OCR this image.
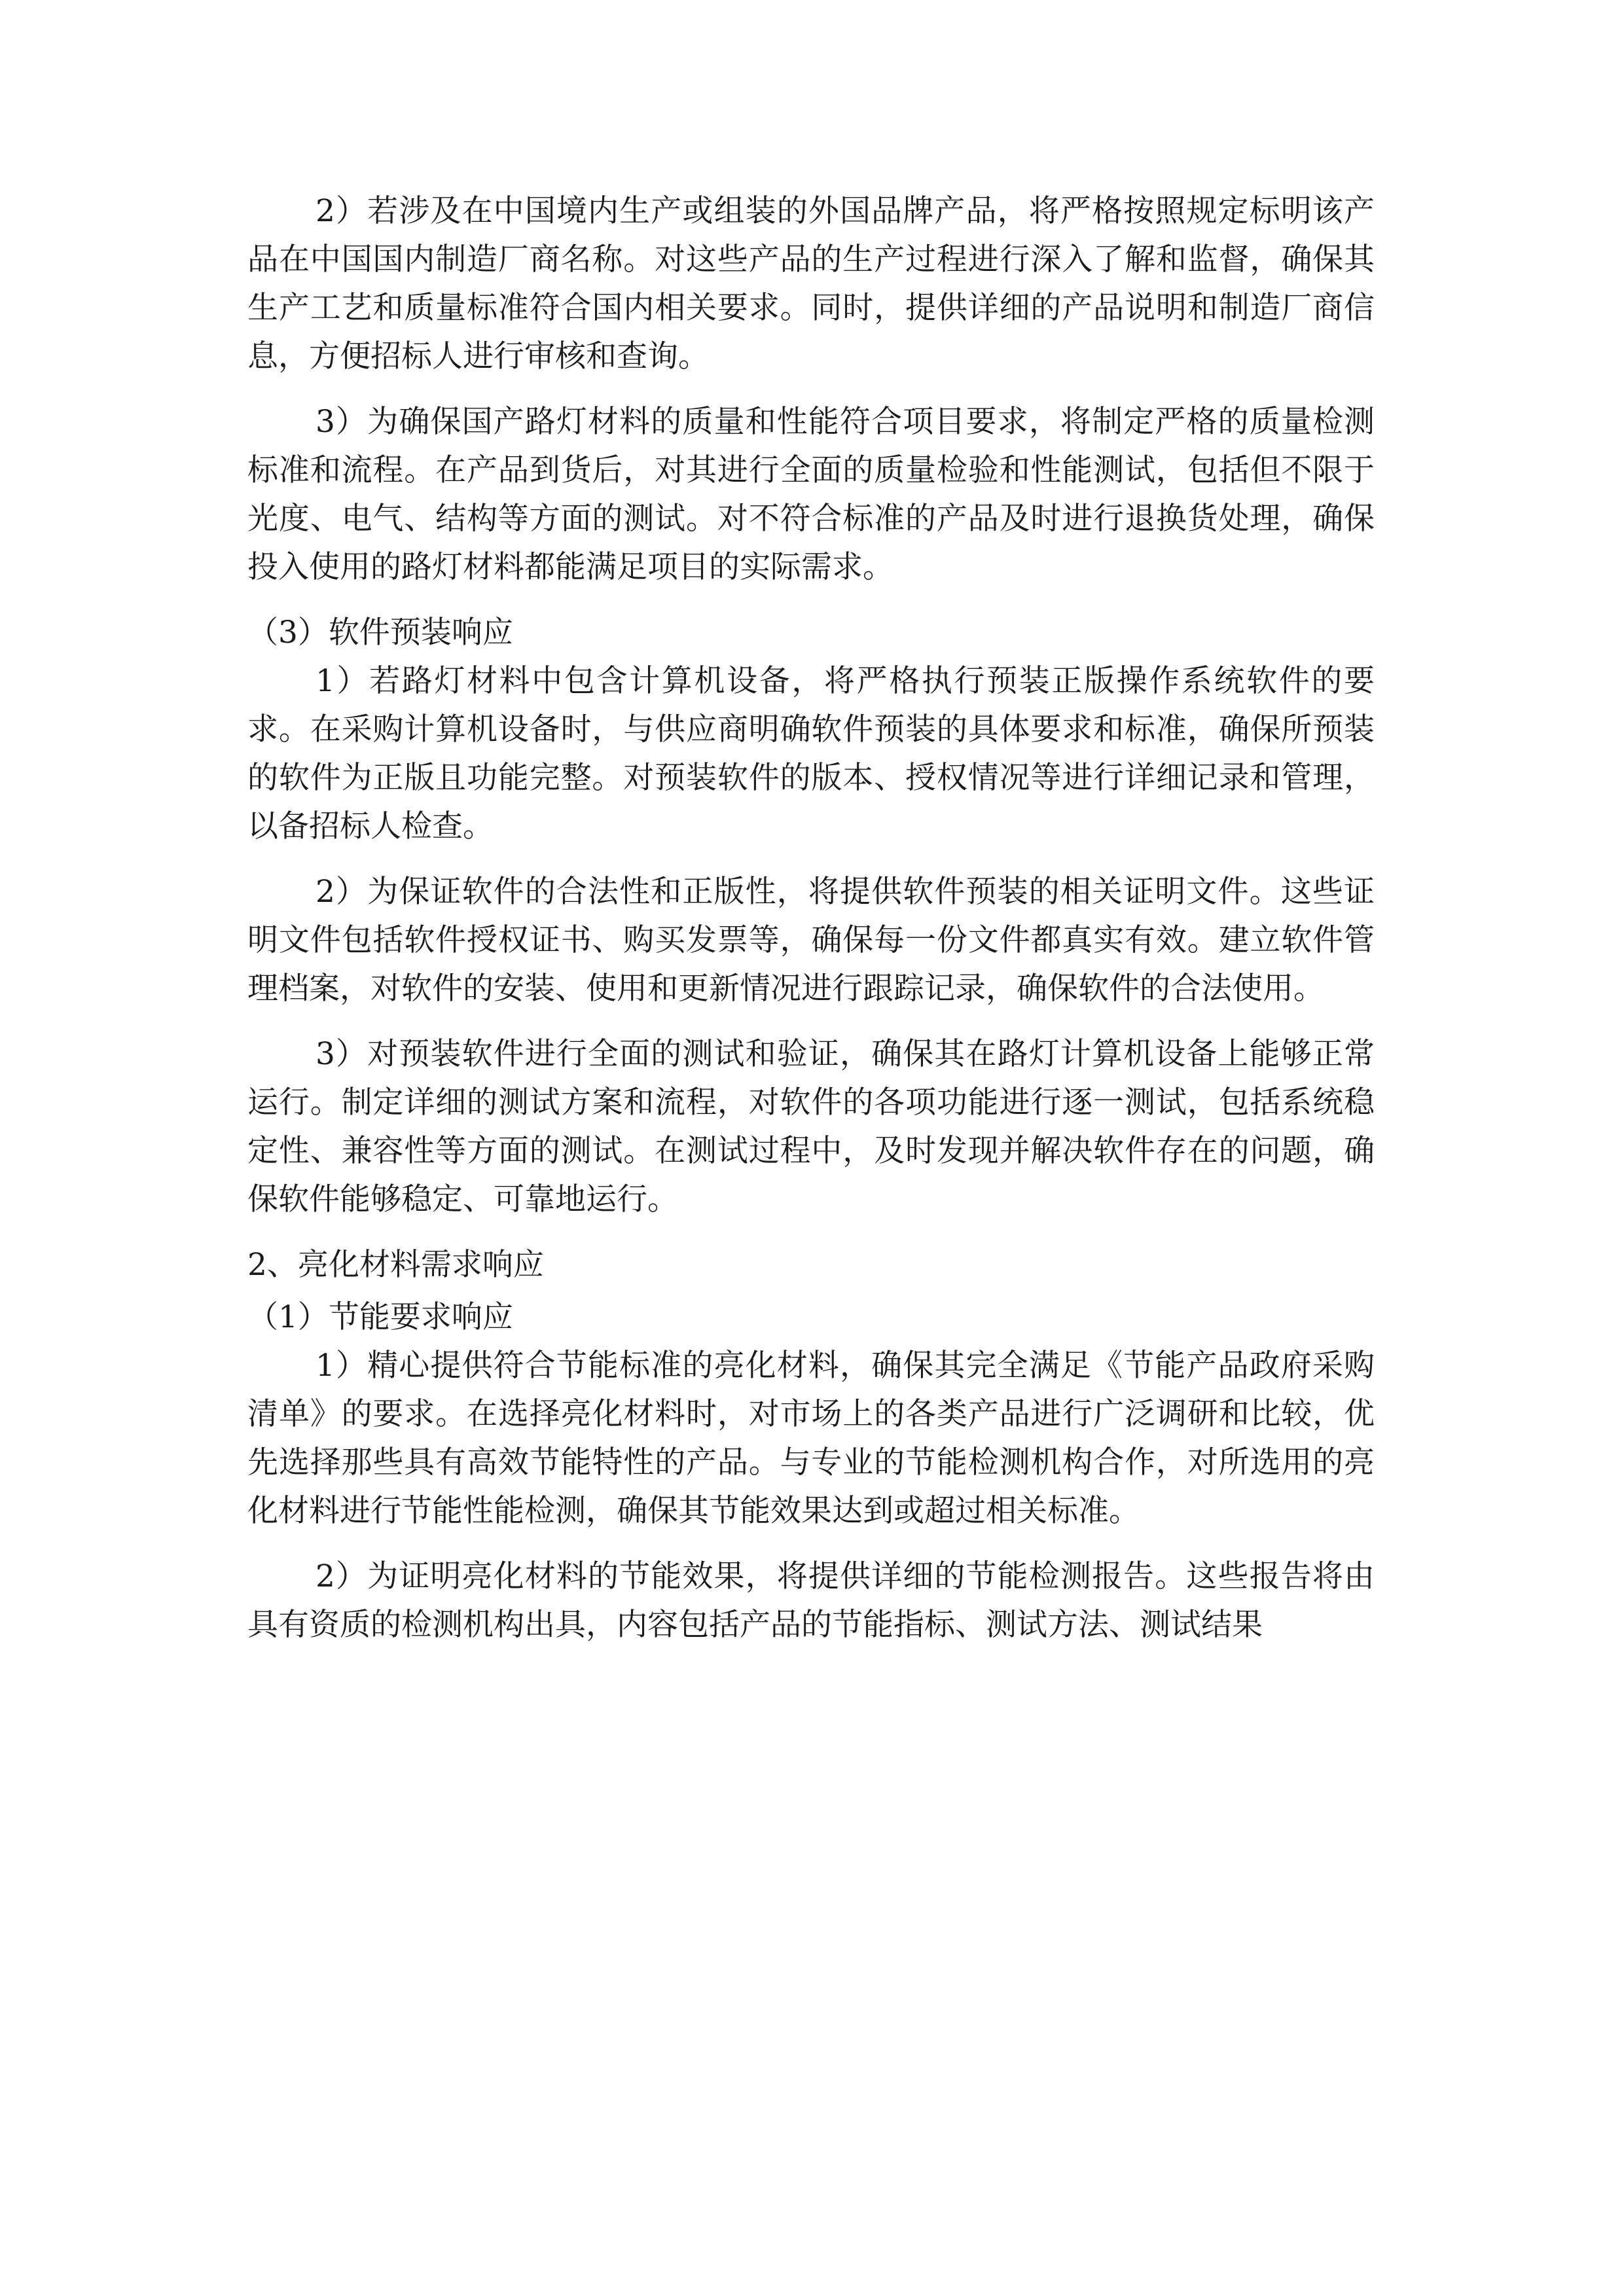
2）若涉及在中国境内生产或组装的外国品牌产品，将严格按照规定标明该产品在中国国内制造厂商名称。对这些产品的生产过程进行深入了解和监督，确保其生产工艺和质量标准符合国内相关要求。同时，提供详细的产品说明和制造厂商信息，方便招标人进行审核和查询。

3）为确保国产路灯材料的质量和性能符合项目要求，将制定严格的质量检测标准和流程。在产品到货后，对其进行全面的质量检验和性能测试，包括但不限于光度、电气、结构等方面的测试。对不符合标准的产品及时进行退换货处理，确保投入使用的路灯材料都能满足项目的实际需求。

（3）软件预装响应

1）若路灯材料中包含计算机设备，将严格执行预装正版操作系统软件的要求。在采购计算机设备时，与供应商明确软件预装的具体要求和标准，确保所预装的软件为正版且功能完整。对预装软件的版本、授权情况等进行详细记录和管理，以备招标人检查。

2）为保证软件的合法性和正版性，将提供软件预装的相关证明文件。这些证明文件包括软件授权证书、购买发票等，确保每一份文件都真实有效。建立软件管理档案，对软件的安装、使用和更新情况进行跟踪记录，确保软件的合法使用。

3）对预装软件进行全面的测试和验证，确保其在路灯计算机设备上能够正常运行。制定详细的测试方案和流程，对软件的各项功能进行逐一测试，包括系统稳定性、兼容性等方面的测试。在测试过程中，及时发现并解决软件存在的问题，确保软件能够稳定、可靠地运行。

2、亮化材料需求响应

（1）节能要求响应

1）精心提供符合节能标准的亮化材料，确保其完全满足《节能产品政府采购清单》的要求。在选择亮化材料时，对市场上的各类产品进行广泛调研和比较，优先选择那些具有高效节能特性的产品。与专业的节能检测机构合作，对所选用的亮化材料进行节能性能检测，确保其节能效果达到或超过相关标准。

2）为证明亮化材料的节能效果，将提供详细的节能检测报告。这些报告将由具有资质的检测机构出具，内容包括产品的节能指标、测试方法、测试结果
